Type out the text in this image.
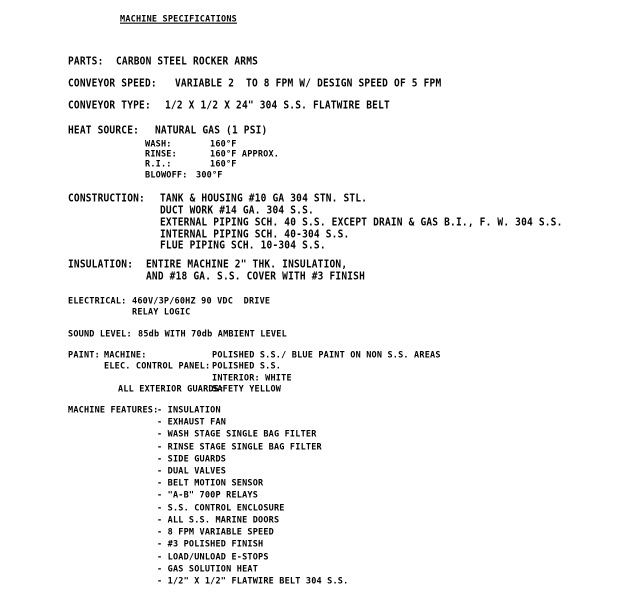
MACHINE SPECIFICATIONS
PARTS: CARBON STEEL ROCKER ARMS
CONVEYOR SPEED: VARIABLE 2  TO 8 FPM W/ DESIGN SPEED OF 5 FPM
CONVEYOR TYPE: 1/2 X 1/2 X 24" 304 S.S. FLATWIRE BELT
HEAT SOURCE: NATURAL GAS (1 PSI)
WASH:	160°F
RINSE:	160°F APPROX.
R.I.:	160°F
BLOWOFF: 300°F
CONSTRUCTION: TANK & HOUSING #10 GA 304 STN. STL.
DUCT WORK #14 GA. 304 S.S.
EXTERNAL PIPING SCH. 40 S.S. EXCEPT DRAIN & GAS B.I., F. W. 304 S.S.
INTERNAL PIPING SCH. 40-304 S.S.
FLUE PIPING SCH. 10-304 S.S.
INSULATION: ENTIRE MACHINE 2" THK. INSULATION,
AND #18 GA. S.S. COVER WITH #3 FINISH
ELECTRICAL: 460V/3P/60HZ 90 VDC  DRIVE
RELAY LOGIC
SOUND LEVEL: 85db WITH 70db AMBIENT LEVEL
PAINT: MACHINE:	POLISHED S.S./ BLUE PAINT ON NON S.S. AREAS
ELEC. CONTROL PANEL: POLISHED S.S.
INTERIOR: WHITE
ALL EXTERIOR GUARDS:
SAFETY YELLOW
MACHINE FEATURES:
- INSULATION
- EXHAUST FAN
- WASH STAGE SINGLE BAG FILTER
- RINSE STAGE SINGLE BAG FILTER
- SIDE GUARDS
- DUAL VALVES
- BELT MOTION SENSOR
- "A-B" 700P RELAYS
- S.S. CONTROL ENCLOSURE
- ALL S.S. MARINE DOORS
- 8 FPM VARIABLE SPEED
- #3 POLISHED FINISH
- LOAD/UNLOAD E-STOPS
- GAS SOLUTION HEAT
- 1/2" X 1/2" FLATWIRE BELT 304 S.S.
